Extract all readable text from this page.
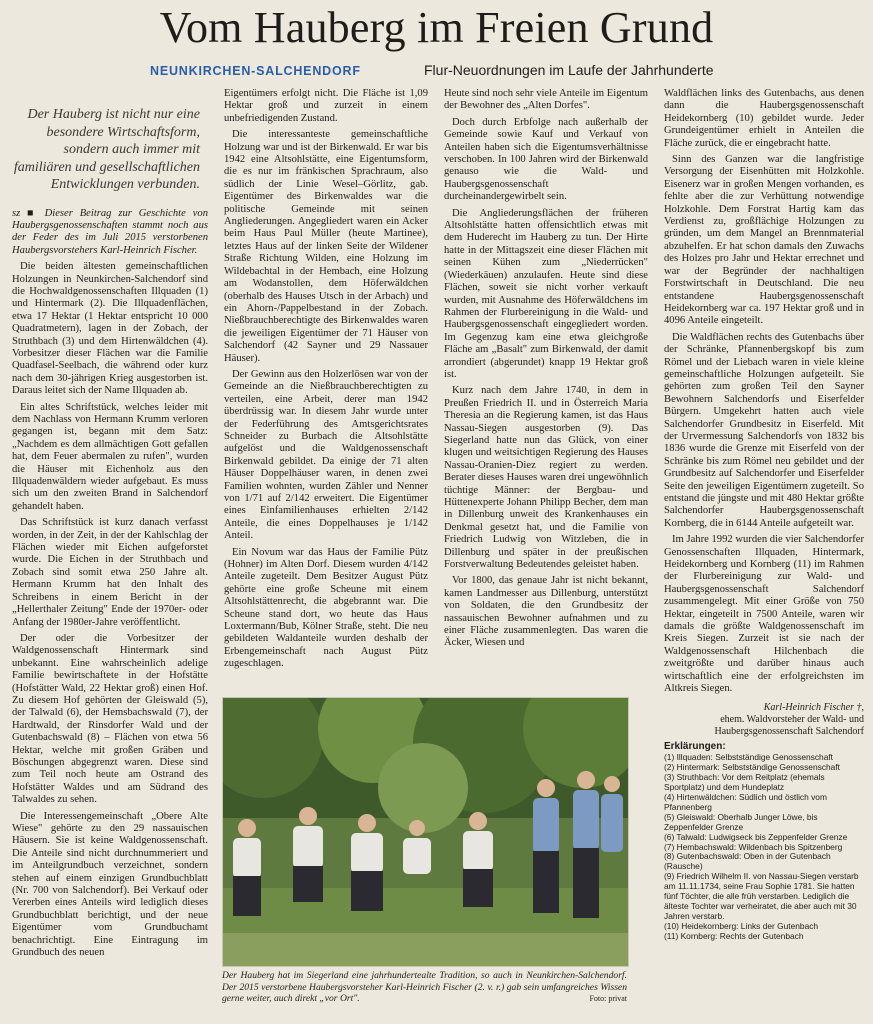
Vom Hauberg im Freien Grund
NEUNKIRCHEN-SALCHENDORF	Flur-Neuordnungen im Laufe der Jahrhunderte
Der Hauberg ist nicht nur eine besondere Wirtschaftsform, sondern auch immer mit familiären und gesellschaftlichen Entwicklungen verbunden.

sz ■ Dieser Beitrag zur Geschichte von Haubergsgenossenschaften stammt noch aus der Feder des im Juli 2015 verstorbenen Haubergsvorstehers Karl-Heinrich Fischer.

Die beiden ältesten gemeinschaftlichen Holzungen in Neunkirchen-Salchendorf sind die Hochwaldgenossenschaften Illquaden (1) und Hintermark (2). Die Illquadenflächen, etwa 17 Hektar (1 Hektar entspricht 10 000 Quadratmetern), lagen in der Zobach, der Struthbach (3) und dem Hirtenwäldchen (4). Vorbesitzer dieser Flächen war die Familie Quadfasel-Seelbach, die während oder kurz nach dem 30-jährigen Krieg ausgestorben ist. Daraus leitet sich der Name Illquaden ab.

Ein altes Schriftstück, welches leider mit dem Nachlass von Hermann Krumm verloren gegangen ist, begann mit dem Satz: „Nachdem es dem allmächtigen Gott gefallen hat, dem Feuer abermalen zu rufen", wurden die Häuser mit Eichenholz aus den Illquadenwäldern wieder aufgebaut. Es muss sich um den zweiten Brand in Salchendorf gehandelt haben.

Das Schriftstück ist kurz danach verfasst worden, in der Zeit, in der der Kahlschlag der Flächen wieder mit Eichen aufgeforstet wurde. Die Eichen in der Struthbach und Zobach sind somit etwa 250 Jahre alt. Hermann Krumm hat den Inhalt des Schreibens in einem Bericht in der „Hellerthaler Zeitung" Ende der 1970er- oder Anfang der 1980er-Jahre veröffentlicht.

Der oder die Vorbesitzer der Waldgenossenschaft Hintermark sind unbekannt. Eine wahrscheinlich adelige Familie bewirtschaftete in der Hofstätte (Hofstätter Wald, 22 Hektar groß) einen Hof. Zu diesem Hof gehörten der Gleiswald (5), der Talwald (6), der Hemsbachswald (7), der Hardtwald, der Rinsdorfer Wald und der Gutenbachswald (8) – Flächen von etwa 56 Hektar, welche mit großen Gräben und Böschungen abgegrenzt waren. Diese sind zum Teil noch heute am Ostrand des Hofstätter Waldes und am Südrand des Talwaldes zu sehen.

Die Interessengemeinschaft „Obere Alte Wiese" gehörte zu den 29 nassauischen Häusern. Sie ist keine Waldgenossenschaft. Die Anteile sind nicht durchnummeriert und im Anteilgrundbuch verzeichnet, sondern stehen auf einem einzigen Grundbuchblatt (Nr. 700 von Salchendorf). Bei Verkauf oder Vererben eines Anteils wird lediglich dieses Grundbuchblatt berichtigt, und der neue Eigentümer vom Grundbuchamt benachrichtigt. Eine Eintragung im Grundbuch des neuen

Eigentümers erfolgt nicht. Die Fläche ist 1,09 Hektar groß und zurzeit in einem unbefriedigenden Zustand.

Die interessanteste gemeinschaftliche Holzung war und ist der Birkenwald. Er war bis 1942 eine Altsohlstätte, eine Eigentumsform, die es nur im fränkischen Sprachraum, also südlich der Linie Wesel–Görlitz, gab. Eigentümer des Birkenwaldes war die politische Gemeinde mit seinen Angliederungen. Angegliedert waren ein Acker beim Haus Paul Müller (heute Martinee), letztes Haus auf der linken Seite der Wildener Straße Richtung Wilden, eine Holzung im Wildebachtal in der Hembach, eine Holzung am Wodanstollen, dem Höferwäldchen (oberhalb des Hauses Utsch in der Arbach) und ein Ahorn-/Pappelbestand in der Zobach. Nießbrauchberechtigte des Birkenwaldes waren die jeweiligen Eigentümer der 71 Häuser von Salchendorf (42 Sayner und 29 Nassauer Häuser).

Der Gewinn aus den Holzerlösen war von der Gemeinde an die Nießbrauchberechtigten zu verteilen, eine Arbeit, derer man 1942 überdrüssig war. In diesem Jahr wurde unter der Federführung des Amtsgerichtsrates Schneider zu Burbach die Altsohlstätte aufgelöst und die Waldgenossenschaft Birkenwald gebildet. Da einige der 71 alten Häuser Doppelhäuser waren, in denen zwei Familien wohnten, wurden Zähler und Nenner von 1/71 auf 2/142 erweitert. Die Eigentümer eines Einfamilienhauses erhielten 2/142 Anteile, die eines Doppelhauses je 1/142 Anteil.

Ein Novum war das Haus der Familie Pütz (Hohner) im Alten Dorf. Diesem wurden 4/142 Anteile zugeteilt. Dem Besitzer August Pütz gehörte eine große Scheune mit einem Altsohlstättenrecht, die abgebrannt war. Die Scheune stand dort, wo heute das Haus Loxtermann/Bub, Kölner Straße, steht. Die neu gebildeten Waldanteile wurden deshalb der Erbengemeinschaft nach August Pütz zugeschlagen.

Heute sind noch sehr viele Anteile im Eigentum der Bewohner des „Alten Dorfes".

Doch durch Erbfolge nach außerhalb der Gemeinde sowie Kauf und Verkauf von Anteilen haben sich die Eigentumsverhältnisse verschoben. In 100 Jahren wird der Birkenwald genauso wie die Wald- und Haubergsgenossenschaft durcheinandergewirbelt sein.

Die Angliederungsflächen der früheren Altsohlstätte hatten offensichtlich etwas mit dem Huderecht im Hauberg zu tun. Der Hirte hatte in der Mittagszeit eine dieser Flächen mit seinen Kühen zum „Niederrücken" (Wiederkäuen) anzulaufen. Heute sind diese Flächen, soweit sie nicht vorher verkauft wurden, mit Ausnahme des Höferwäldchens im Rahmen der Flurbereinigung in die Wald- und Haubergsgenossenschaft eingegliedert worden. Im Gegenzug kam eine etwa gleichgroße Fläche am „Basalt" zum Birkenwald, der damit arrondiert (abgerundet) knapp 19 Hektar groß ist.

Kurz nach dem Jahre 1740, in dem in Preußen Friedrich II. und in Österreich Maria Theresia an die Regierung kamen, ist das Haus Nassau-Siegen ausgestorben (9). Das Siegerland hatte nun das Glück, von einer klugen und weitsichtigen Regierung des Hauses Nassau-Oranien-Diez regiert zu werden. Berater dieses Hauses waren drei ungewöhnlich tüchtige Männer: der Bergbau- und Hüttenexperte Johann Philipp Becher, dem man in Dillenburg unweit des Krankenhauses ein Denkmal gesetzt hat, und die Familie von Friedrich Ludwig von Witzleben, die in Dillenburg und später in der preußischen Forstverwaltung Bedeutendes geleistet haben.

Vor 1800, das genaue Jahr ist nicht bekannt, kamen Landmesser aus Dillenburg, unterstützt von Soldaten, die den Grundbesitz der nassauischen Bewohner aufnahmen und zu einer Fläche zusammenlegten. Das waren die Äcker, Wiesen und

Waldflächen links des Gutenbachs, aus denen dann die Haubergsgenossenschaft Heidekornberg (10) gebildet wurde. Jeder Grundeigentümer erhielt in Anteilen die Fläche zurück, die er eingebracht hatte.

Sinn des Ganzen war die langfristige Versorgung der Eisenhütten mit Holzkohle. Eisenerz war in großen Mengen vorhanden, es fehlte aber die zur Verhüttung notwendige Holzkohle. Dem Forstrat Hartig kam das Verdienst zu, großflächige Holzungen zu gründen, um dem Mangel an Brennmaterial abzuhelfen. Er hat schon damals den Zuwachs des Holzes pro Jahr und Hektar errechnet und war der Begründer der nachhaltigen Forstwirtschaft in Deutschland. Die neu entstandene Haubergsgenossenschaft Heidekornberg war ca. 197 Hektar groß und in 4096 Anteile eingeteilt.

Die Waldflächen rechts des Gutenbachs über der Schränke, Pfannenbergskopf bis zum Römel und der Liebach waren in viele kleine gemeinschaftliche Holzungen aufgeteilt. Sie gehörten zum großen Teil den Sayner Bewohnern Salchendorfs und Eiserfelder Bürgern. Umgekehrt hatten auch viele Salchendorfer Grundbesitz in Eiserfeld. Mit der Urvermessung Salchendorfs von 1832 bis 1836 wurde die Grenze mit Eiserfeld von der Schränke bis zum Römel neu gebildet und der Grundbesitz auf Salchendorfer und Eiserfelder Seite den jeweiligen Eigentümern zugeteilt. So entstand die jüngste und mit 480 Hektar größte Salchendorfer Haubergsgenossenschaft Kornberg, die in 6144 Anteile aufgeteilt war.

Im Jahre 1992 wurden die vier Salchendorfer Genossenschaften Illquaden, Hintermark, Heidekornberg und Kornberg (11) im Rahmen der Flurbereinigung zur Wald- und Haubergsgenossenschaft Salchendorf zusammengelegt. Mit einer Größe von 750 Hektar, eingeteilt in 7500 Anteile, waren wir damals die größte Waldgenossenschaft im Kreis Siegen. Zurzeit ist sie nach der Waldgenossenschaft Hilchenbach die zweitgrößte und darüber hinaus auch wirtschaftlich eine der erfolgreichsten im Altkreis Siegen.

Karl-Heinrich Fischer †,
ehem. Waldvorsteher der Wald- und Haubergsgenossenschaft Salchendorf
Erklärungen:
(1) Illquaden: Selbstständige Genossenschaft
(2) Hintermark: Selbstständige Genossenschaft
(3) Struthbach: Vor dem Reitplatz (ehemals Sportplatz) und dem Hundeplatz
(4) Hirtenwäldchen: Südlich und östlich vom Pfannenberg
(5) Gleiswald: Oberhalb Junger Löwe, bis Zeppenfelder Grenze
(6) Talwald: Ludwigseck bis Zeppenfelder Grenze
(7) Hembachswald: Wildenbach bis Spitzenberg
(8) Gutenbachswald: Oben in der Gutenbach (Rausche)
(9) Friedrich Wilhelm II. von Nassau-Siegen verstarb am 11.11.1734, seine Frau Sophie 1781. Sie hatten fünf Töchter, die alle früh verstarben. Lediglich die älteste Tochter war verheiratet, die aber auch mit 30 Jahren verstarb.
(10) Heidekornberg: Links der Gutenbach
(11) Kornberg: Rechts der Gutenbach
Der Hauberg hat im Siegerland eine jahrhundertealte Tradition, so auch in Neunkirchen-Salchendorf. Der 2015 verstorbene Haubergsvorsteher Karl-Heinrich Fischer (2. v. r.) gab sein umfangreiches Wissen gerne weiter, auch direkt „vor Ort".	Foto: privat
